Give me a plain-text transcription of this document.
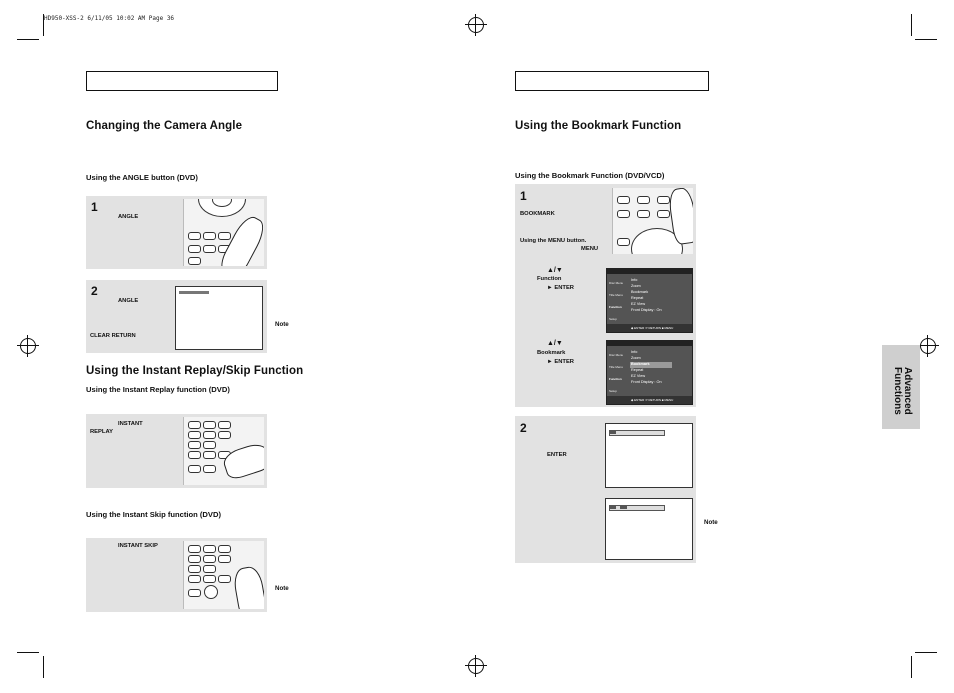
HD950-XSS-2 6/11/05 10:02 AM Page 36
Changing the Camera Angle
Using the ANGLE button (DVD)
1
ANGLE
2
ANGLE
CLEAR RETURN
Note
Using the Instant Replay/Skip Function
Using the Instant Replay function (DVD)
INSTANT
REPLAY
Using the Instant Skip function (DVD)
INSTANT SKIP
Note
Using the Bookmark Function
Using the Bookmark Function (DVD/VCD)
1
BOOKMARK
Using the MENU button.
MENU
▲/▼
Function
► ENTER
▲/▼
Bookmark
► ENTER
Disc Menu
Title Menu
Function
Setup
Info
Zoom
Bookmark
Repeat
EZ View
Front Display : On
◆ ENTER ↺ RETURN ■ MENU
Disc Menu
Title Menu
Function
Setup
Info
Zoom
Bookmark
Repeat
EZ View
Front Display : On
◆ ENTER ↺ RETURN ■ MENU
2
ENTER
Note
Advanced
Functions
